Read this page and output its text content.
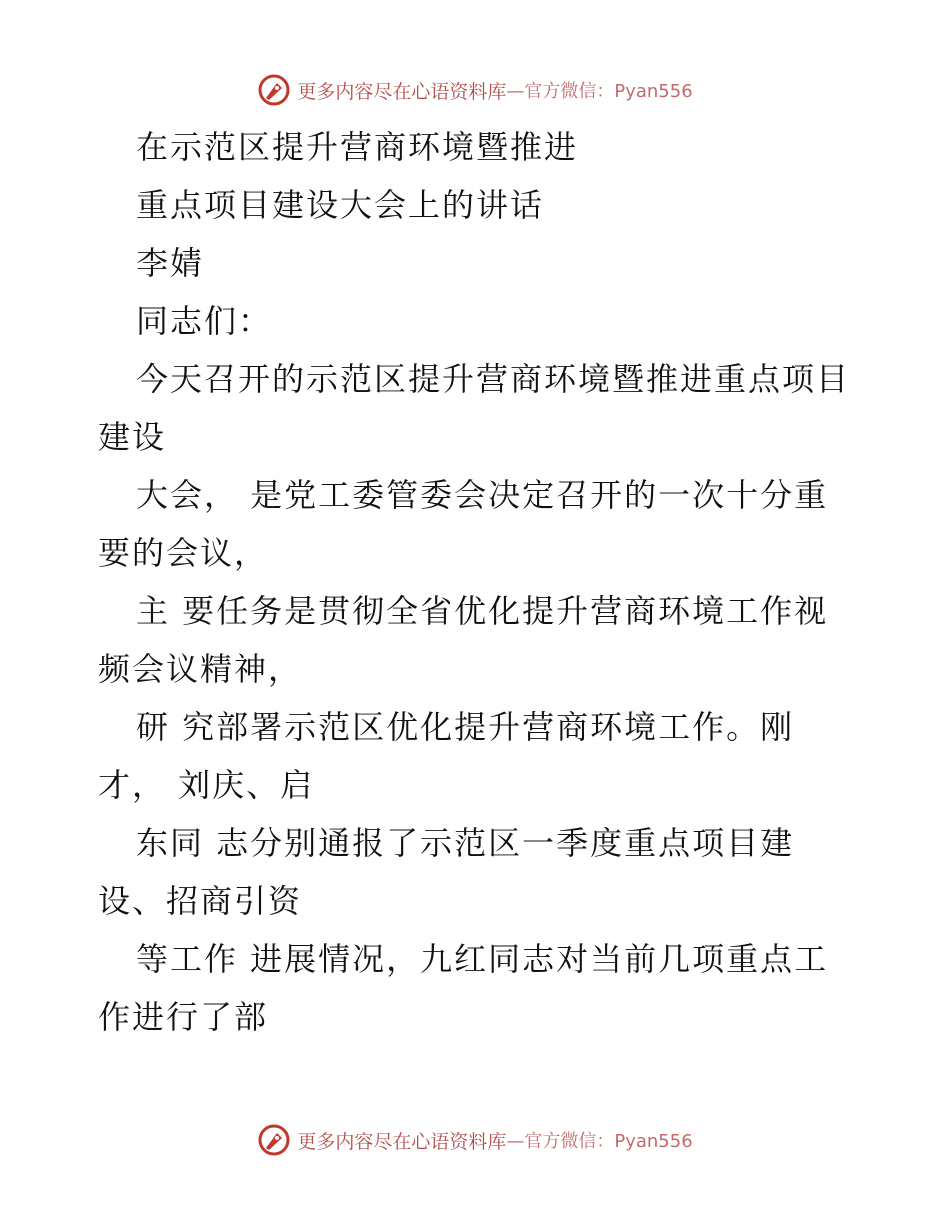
更多内容尽在心语资料库 —官方微信：Pyan556
在示范区提升营商环境暨推进
重点项目建设大会上的讲话
李婧
同志们：
今天召开的示范区提升营商环境暨推进重点项目
建设
大会， 是党工委管委会决定召开的一次十分重
要的会议，
主 要任务是贯彻全省优化提升营商环境工作视
频会议精神，
研 究部署示范区优化提升营商环境工作。刚
才， 刘庆、启
东同 志分别通报了示范区一季度重点项目建
设、招商引资
等工作 进展情况，九红同志对当前几项重点工
作进行了部
更多内容尽在心语资料库 —官方微信：Pyan556
